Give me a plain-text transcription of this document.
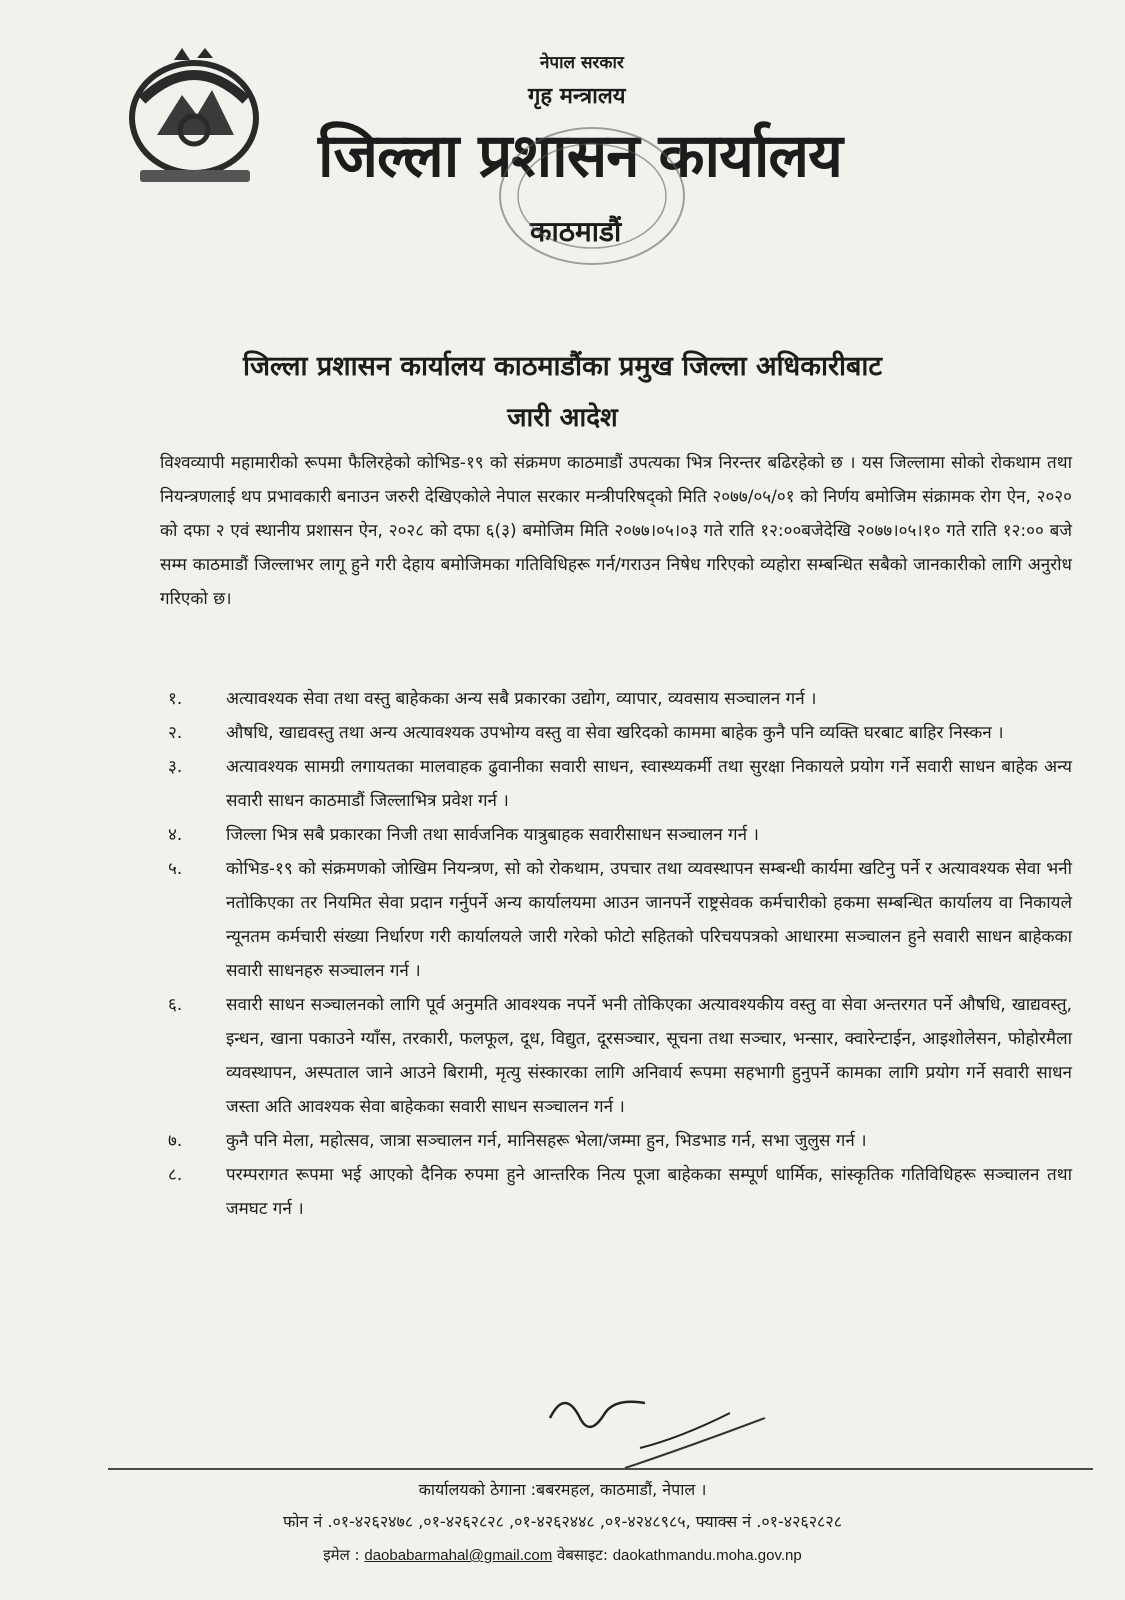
नेपाल सरकार
गृह मन्त्रालय
जिल्ला प्रशासन कार्यालय
काठमाडौं
जिल्ला प्रशासन कार्यालय काठमाडौंका प्रमुख जिल्ला अधिकारीबाट
जारी आदेश
विश्वव्यापी महामारीको रूपमा फैलिरहेको कोभिड-१९ को संक्रमण काठमाडौं उपत्यका भित्र निरन्तर बढिरहेको छ । यस जिल्लामा सोको रोकथाम तथा नियन्त्रणलाई थप प्रभावकारी बनाउन जरुरी देखिएकोले नेपाल सरकार मन्त्रीपरिषद्को मिति २०७७/०५/०१ को निर्णय बमोजिम संक्रामक रोग ऐन, २०२० को दफा २ एवं स्थानीय प्रशासन ऐन, २०२८ को दफा ६(३) बमोजिम मिति २०७७।०५।०३ गते राति १२:००बजेदेखि २०७७।०५।१० गते राति १२:०० बजे सम्म काठमाडौं जिल्लाभर लागू हुने गरी देहाय बमोजिमका गतिविधिहरू गर्न/गराउन निषेध गरिएको व्यहोरा सम्बन्धित सबैको जानकारीको लागि अनुरोध गरिएको छ।
१.	अत्यावश्यक सेवा तथा वस्तु बाहेकका अन्य सबै प्रकारका उद्योग, व्यापार, व्यवसाय सञ्चालन गर्न ।
२.	औषधि, खाद्यवस्तु तथा अन्य अत्यावश्यक उपभोग्य वस्तु वा सेवा खरिदको काममा बाहेक कुनै पनि व्यक्ति घरबाट बाहिर निस्कन ।
३.	अत्यावश्यक सामग्री लगायतका मालवाहक ढुवानीका सवारी साधन, स्वास्थ्यकर्मी तथा सुरक्षा निकायले प्रयोग गर्ने सवारी साधन बाहेक अन्य सवारी साधन काठमाडौं जिल्लाभित्र प्रवेश गर्न ।
४.	जिल्ला भित्र सबै प्रकारका निजी तथा सार्वजनिक यात्रुबाहक सवारीसाधन सञ्चालन गर्न ।
५.	कोभिड-१९ को संक्रमणको जोखिम नियन्त्रण, सो को रोकथाम, उपचार तथा व्यवस्थापन सम्बन्धी कार्यमा खटिनु पर्ने र अत्यावश्यक सेवा भनी नतोकिएका तर नियमित सेवा प्रदान गर्नुपर्ने अन्य कार्यालयमा आउन जानपर्ने राष्ट्रसेवक कर्मचारीको हकमा सम्बन्धित कार्यालय वा निकायले न्यूनतम कर्मचारी संख्या निर्धारण गरी कार्यालयले जारी गरेको फोटो सहितको परिचयपत्रको आधारमा सञ्चालन हुने सवारी साधन बाहेकका सवारी साधनहरु सञ्चालन गर्न ।
६.	सवारी साधन सञ्चालनको लागि पूर्व अनुमति आवश्यक नपर्ने भनी तोकिएका अत्यावश्यकीय वस्तु वा सेवा अन्तरगत पर्ने औषधि, खाद्यवस्तु, इन्धन, खाना पकाउने ग्याँस, तरकारी, फलफूल, दूध, विद्युत, दूरसञ्चार, सूचना तथा सञ्चार, भन्सार, क्वारेन्टाईन, आइशोलेसन, फोहोरमैला व्यवस्थापन, अस्पताल जाने आउने बिरामी, मृत्यु संस्कारका लागि अनिवार्य रूपमा सहभागी हुनुपर्ने कामका लागि प्रयोग गर्ने सवारी साधन जस्ता अति आवश्यक सेवा बाहेकका सवारी साधन सञ्चालन गर्न ।
७.	कुनै पनि मेला, महोत्सव, जात्रा सञ्चालन गर्न, मानिसहरू भेला/जम्मा हुन, भिडभाड गर्न, सभा जुलुस गर्न ।
८.	परम्परागत रूपमा भई आएको दैनिक रुपमा हुने आन्तरिक नित्य पूजा बाहेकका सम्पूर्ण धार्मिक, सांस्कृतिक गतिविधिहरू सञ्चालन तथा जमघट गर्न ।
कार्यालयको ठेगाना :बबरमहल, काठमाडौं, नेपाल ।
फोन नं .०१-४२६२४७८ ,०१-४२६२८२८ ,०१-४२६२४४८ ,०१-४२४८९८५, फ्याक्स नं .०१-४२६२८२८
इमेल : daobabarmahal@gmail.com वेबसाइट: daokathmandu.moha.gov.np
